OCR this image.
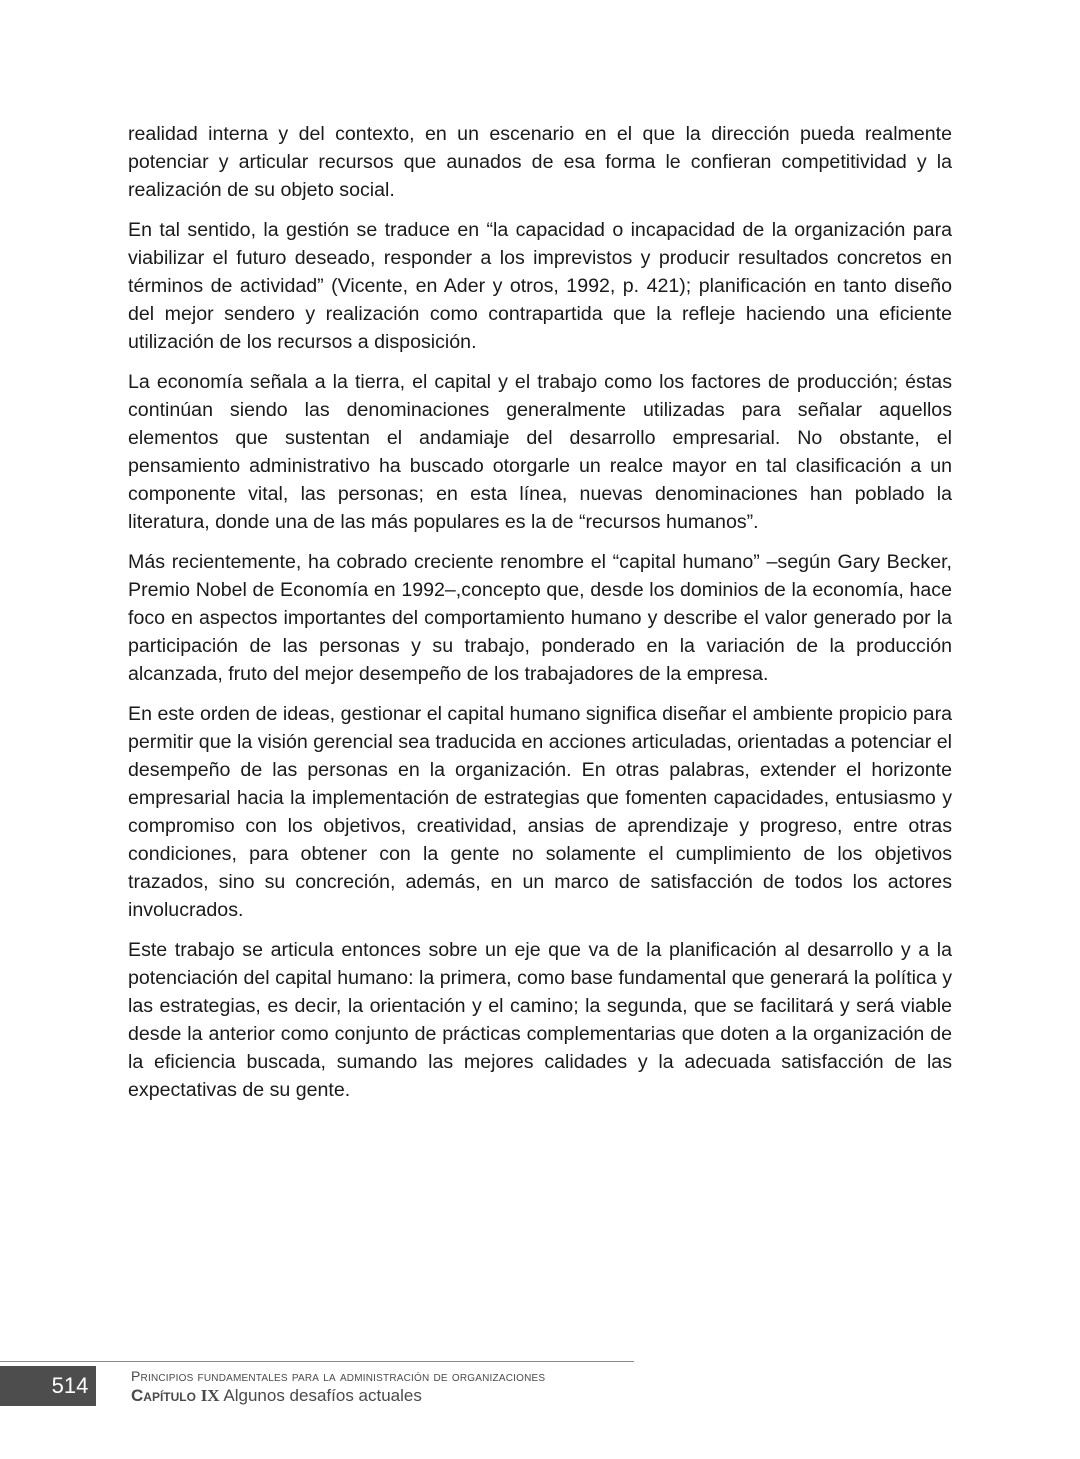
realidad interna y del contexto, en un escenario en el que la dirección pueda realmente potenciar y articular recursos que aunados de esa forma le confieran competitividad y la realización de su objeto social.

En tal sentido, la gestión se traduce en “la capacidad o incapacidad de la organización para viabilizar el futuro deseado, responder a los imprevistos y producir resultados concretos en términos de actividad” (Vicente, en Ader y otros, 1992, p. 421); planificación en tanto diseño del mejor sendero y realización como contrapartida que la refleje haciendo una eficiente utilización de los recursos a disposición.

La economía señala a la tierra, el capital y el trabajo como los factores de producción; éstas continúan siendo las denominaciones generalmente utilizadas para señalar aquellos elementos que sustentan el andamiaje del desarrollo empresarial. No obstante, el pensamiento administrativo ha buscado otorgarle un realce mayor en tal clasificación a un componente vital, las personas; en esta línea, nuevas denominaciones han poblado la literatura, donde una de las más populares es la de “recursos humanos”.

Más recientemente, ha cobrado creciente renombre el “capital humano” –según Gary Becker, Premio Nobel de Economía en 1992–,concepto que, desde los dominios de la economía, hace foco en aspectos importantes del comportamiento humano y describe el valor generado por la participación de las personas y su trabajo, ponderado en la variación de la producción alcanzada, fruto del mejor desempeño de los trabajadores de la empresa.

En este orden de ideas, gestionar el capital humano significa diseñar el ambiente propicio para permitir que la visión gerencial sea traducida en acciones articuladas, orientadas a potenciar el desempeño de las personas en la organización. En otras palabras, extender el horizonte empresarial hacia la implementación de estrategias que fomenten capacidades, entusiasmo y compromiso con los objetivos, creatividad, ansias de aprendizaje y progreso, entre otras condiciones, para obtener con la gente no solamente el cumplimiento de los objetivos trazados, sino su concreción, además, en un marco de satisfacción de todos los actores involucrados.

Este trabajo se articula entonces sobre un eje que va de la planificación al desarrollo y a la potenciación del capital humano: la primera, como base fundamental que generará la política y las estrategias, es decir, la orientación y el camino; la segunda, que se facilitará y será viable desde la anterior como conjunto de prácticas complementarias que doten a la organización de la eficiencia buscada, sumando las mejores calidades y la adecuada satisfacción de las expectativas de su gente.

514	Principios fundamentales para la administración de organizaciones
Capítulo IX Algunos desafíos actuales
